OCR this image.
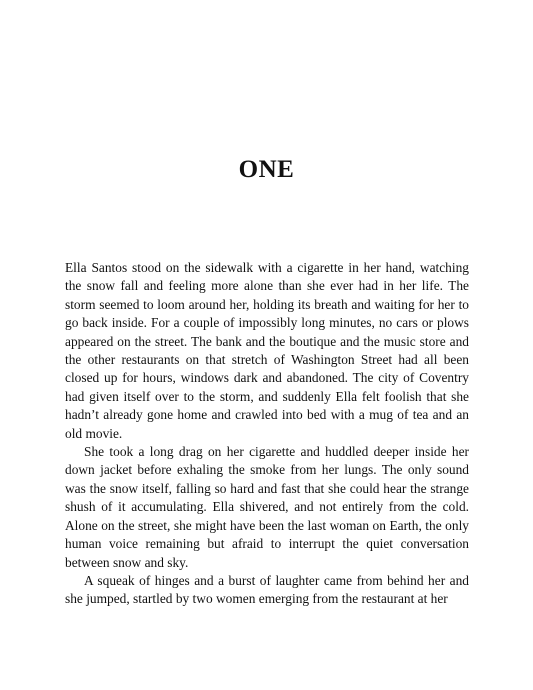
ONE

Ella Santos stood on the sidewalk with a cigarette in her hand, watching the snow fall and feeling more alone than she ever had in her life. The storm seemed to loom around her, holding its breath and waiting for her to go back inside. For a couple of impossibly long minutes, no cars or plows appeared on the street. The bank and the boutique and the music store and the other restaurants on that stretch of Washington Street had all been closed up for hours, windows dark and abandoned. The city of Coventry had given itself over to the storm, and suddenly Ella felt foolish that she hadn’t already gone home and crawled into bed with a mug of tea and an old movie.

She took a long drag on her cigarette and huddled deeper inside her down jacket before exhaling the smoke from her lungs. The only sound was the snow itself, falling so hard and fast that she could hear the strange shush of it accumulating. Ella shivered, and not entirely from the cold. Alone on the street, she might have been the last woman on Earth, the only human voice remaining but afraid to interrupt the quiet conversation between snow and sky.

A squeak of hinges and a burst of laughter came from behind her and she jumped, startled by two women emerging from the restaurant at her
